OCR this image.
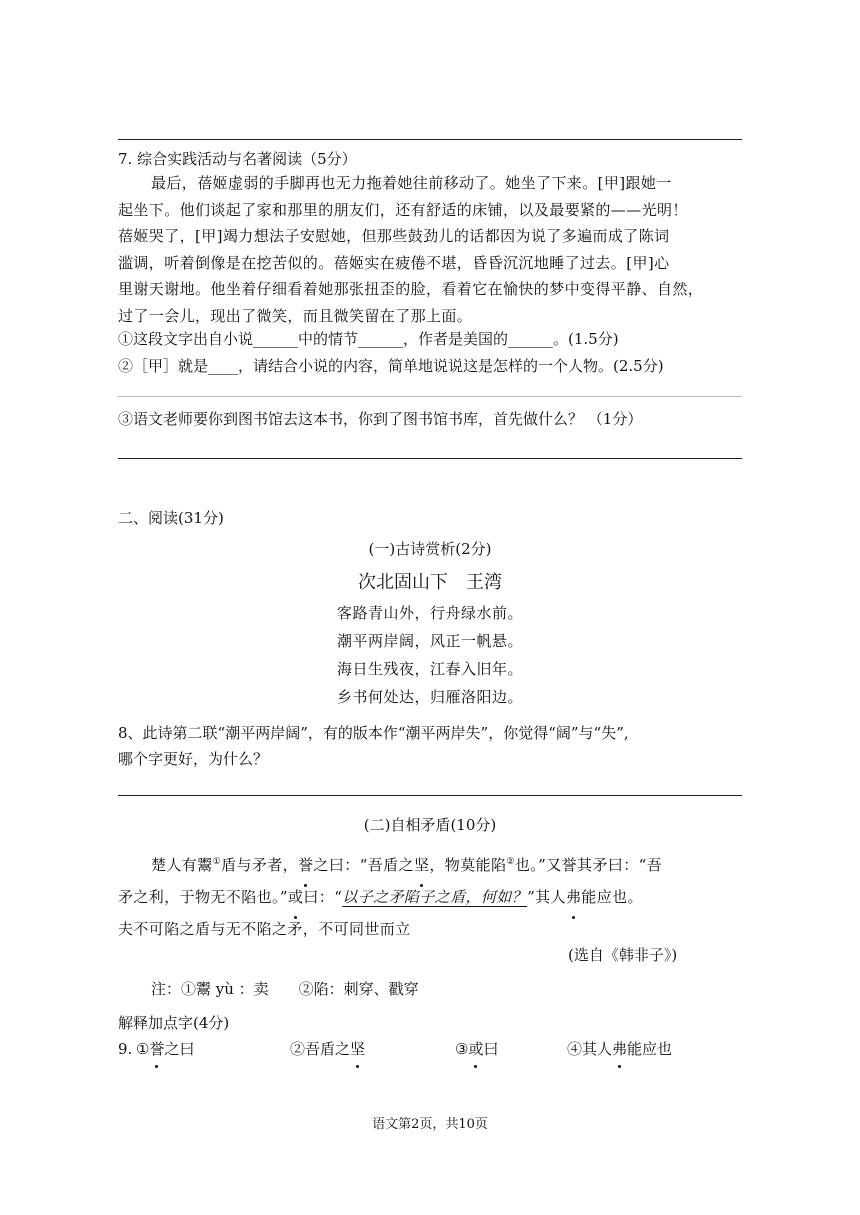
7. 综合实践活动与名著阅读（5分）
最后，蓓姬虚弱的手脚再也无力拖着她往前移动了。她坐了下来。[甲]跟她一
起坐下。他们谈起了家和那里的朋友们，还有舒适的床铺，以及最要紧的——光明！
蓓姬哭了，[甲]竭力想法子安慰她，但那些鼓劲儿的话都因为说了多遍而成了陈词
滥调，听着倒像是在挖苦似的。蓓姬实在疲倦不堪，昏昏沉沉地睡了过去。[甲]心
里谢天谢地。他坐着仔细看着她那张扭歪的脸，看着它在愉快的梦中变得平静、自然，
过了一会儿，现出了微笑，而且微笑留在了那上面。
①这段文字出自小说______中的情节______，作者是美国的______。(1.5分)
②［甲］就是____，请结合小说的内容，简单地说说这是怎样的一个人物。(2.5分)
③语文老师要你到图书馆去这本书，你到了图书馆书库，首先做什么？ （1分）
二、阅读(31分)
(一)古诗赏析(2分)
次北固山下　王湾
客路青山外，行舟绿水前。
潮平两岸阔，风正一帆悬。
海日生残夜，江春入旧年。
乡书何处达，归雁洛阳边。
8、此诗第二联“潮平两岸阔”，有的版本作“潮平两岸失”，你觉得“阔”与“失”,
哪个字更好，为什么？
(二)自相矛盾(10分)
楚人有鬻①盾与矛者，誉之曰：“吾盾之坚，物莫能陷②也。”又誉其矛曰：“吾
矛之利，于物无不陷也。”或曰：“以子之矛陷子之盾，何如？”其人弗能应也。
夫不可陷之盾与无不陷之矛，不可同世而立
(选自《韩非子》)
注：①鬻 yù ：卖　　②陷：刺穿、戳穿
解释加点字(4分)
9. ①誉之曰	②吾盾之坚	③或曰	④其人弗能应也
语文第2页，共10页
